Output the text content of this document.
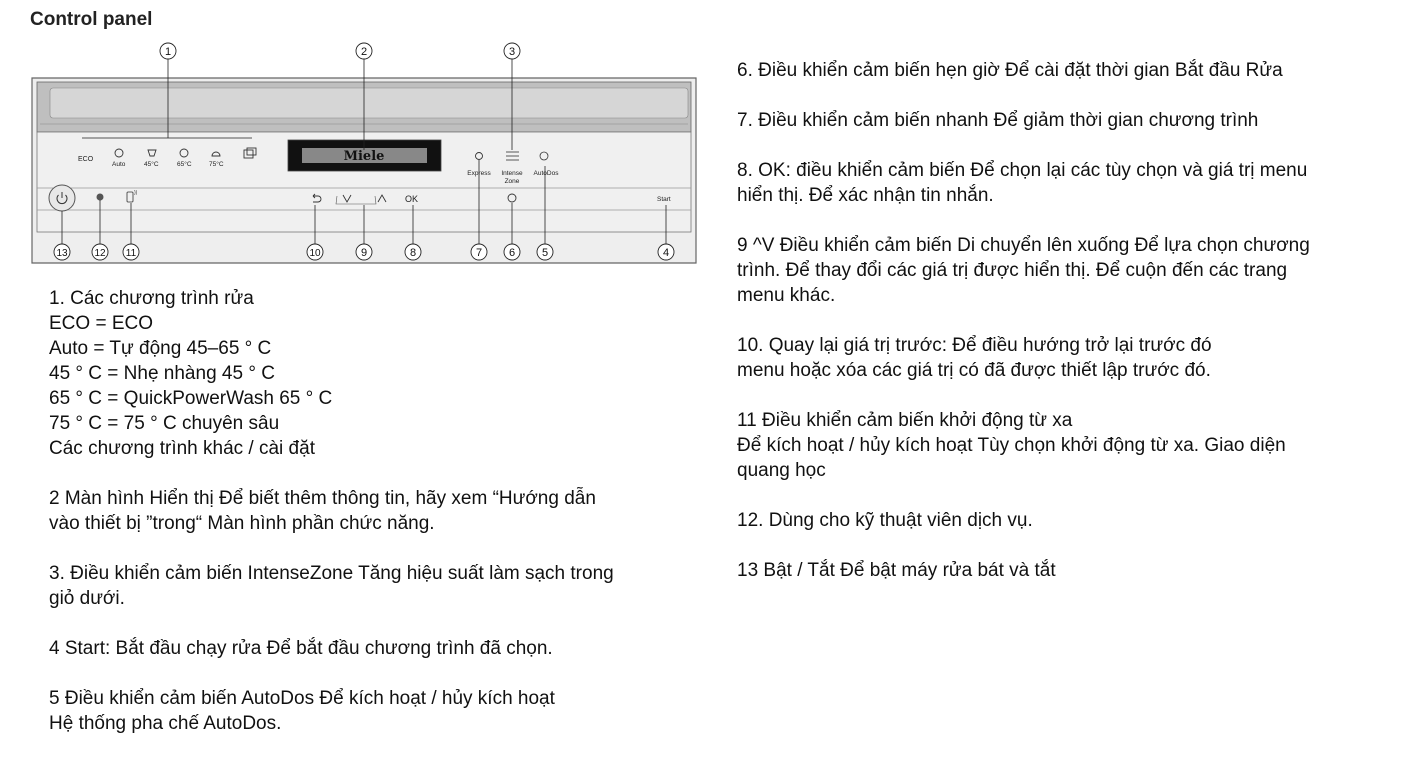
Control panel
ECO
Auto	45°C	65°C	75°C
Miele
Express Intense
Zone
AutoDos
))
OK	Start
1	2	3
4
5
6
7
8
9
10
11
12
13
1. Các chương trình rửa
ECO = ECO
Auto = Tự động 45–65 ° C
45 ° C = Nhẹ nhàng 45 ° C
65 ° C = QuickPowerWash 65 ° C
75 ° C = 75 ° C chuyên sâu
Các chương trình khác / cài đặt
2 Màn hình Hiển thị Để biết thêm thông tin, hãy xem “Hướng dẫn
vào thiết bị ”trong“ Màn hình phần chức năng.
3. Điều khiển cảm biến IntenseZone Tăng hiệu suất làm sạch trong
giỏ dưới.
4 Start: Bắt đầu chạy rửa Để bắt đầu chương trình đã chọn.
5 Điều khiển cảm biến AutoDos Để kích hoạt / hủy kích hoạt
Hệ thống pha chế AutoDos.
6. Điều khiển cảm biến hẹn giờ Để cài đặt thời gian Bắt đầu Rửa
7. Điều khiển cảm biến nhanh Để giảm thời gian chương trình
8. OK: điều khiển cảm biến Để chọn lại các tùy chọn và giá trị menu
hiển thị. Để xác nhận tin nhắn.
9 ^V Điều khiển cảm biến Di chuyển lên xuống Để lựa chọn chương
trình. Để thay đổi các giá trị được hiển thị. Để cuộn đến các trang
menu khác.
10. Quay lại giá trị trước: Để điều hướng trở lại trước đó
menu hoặc xóa các giá trị có đã được thiết lập trước đó.
11 Điều khiển cảm biến khởi động từ xa
Để kích hoạt / hủy kích hoạt Tùy chọn khởi động từ xa. Giao diện
quang học
12. Dùng cho kỹ thuật viên dịch vụ.
13 Bật / Tắt Để bật máy rửa bát và tắt
